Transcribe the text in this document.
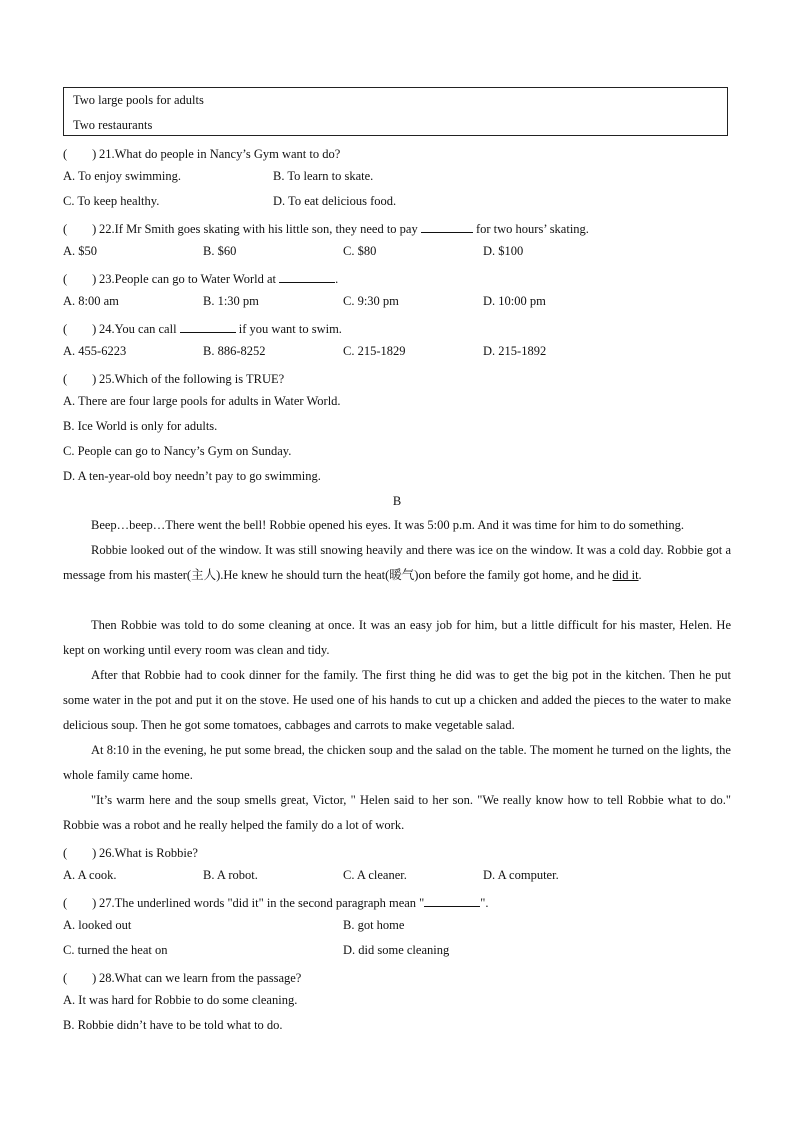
Two large pools for adults
Two restaurants
(　　) 21.What do people in Nancy’s Gym want to do?
A. To enjoy swimming.	B. To learn to skate.
C. To keep healthy.	D. To eat delicious food.
(　　) 22.If Mr Smith goes skating with his little son, they need to pay	for two hours’ skating.
A. $50	B. $60	C. $80	D. $100
(　　) 23.People can go to Water World at	.
A. 8:00 am	B. 1:30 pm	C. 9:30 pm	D. 10:00 pm
(　　) 24.You can call	if you want to swim.
A. 455-6223	B. 886-8252	C. 215-1829	D. 215-1892
(　　) 25.Which of the following is TRUE?
A. There are four large pools for adults in Water World.
B. Ice World is only for adults.
C. People can go to Nancy’s Gym on Sunday.
D. A ten-year-old boy needn’t pay to go swimming.
B
Beep…beep…There went the bell! Robbie opened his eyes. It was 5:00 p.m. And it was time for him to do something.
Robbie looked out of the window. It was still snowing heavily and there was ice on the window. It was a cold day. Robbie got a message from his master(主人).He knew he should turn the heat(暖气)on before the family got home, and he did it.
Then Robbie was told to do some cleaning at once. It was an easy job for him, but a little difficult for his master, Helen. He kept on working until every room was clean and tidy.
After that Robbie had to cook dinner for the family. The first thing he did was to get the big pot in the kitchen. Then he put some water in the pot and put it on the stove. He used one of his hands to cut up a chicken and added the pieces to the water to make delicious soup. Then he got some tomatoes, cabbages and carrots to make vegetable salad.
At 8:10 in the evening, he put some bread, the chicken soup and the salad on the table. The moment he turned on the lights, the whole family came home.
"It’s warm here and the soup smells great, Victor, " Helen said to her son. "We really know how to tell Robbie what to do." Robbie was a robot and he really helped the family do a lot of work.
(　　) 26.What is Robbie?
A. A cook.	B. A robot.	C. A cleaner.	D. A computer.
(　　) 27.The underlined words "did it" in the second paragraph mean "	".
A. looked out	B. got home
C. turned the heat on	D. did some cleaning
(　　) 28.What can we learn from the passage?
A. It was hard for Robbie to do some cleaning.
B. Robbie didn’t have to be told what to do.
